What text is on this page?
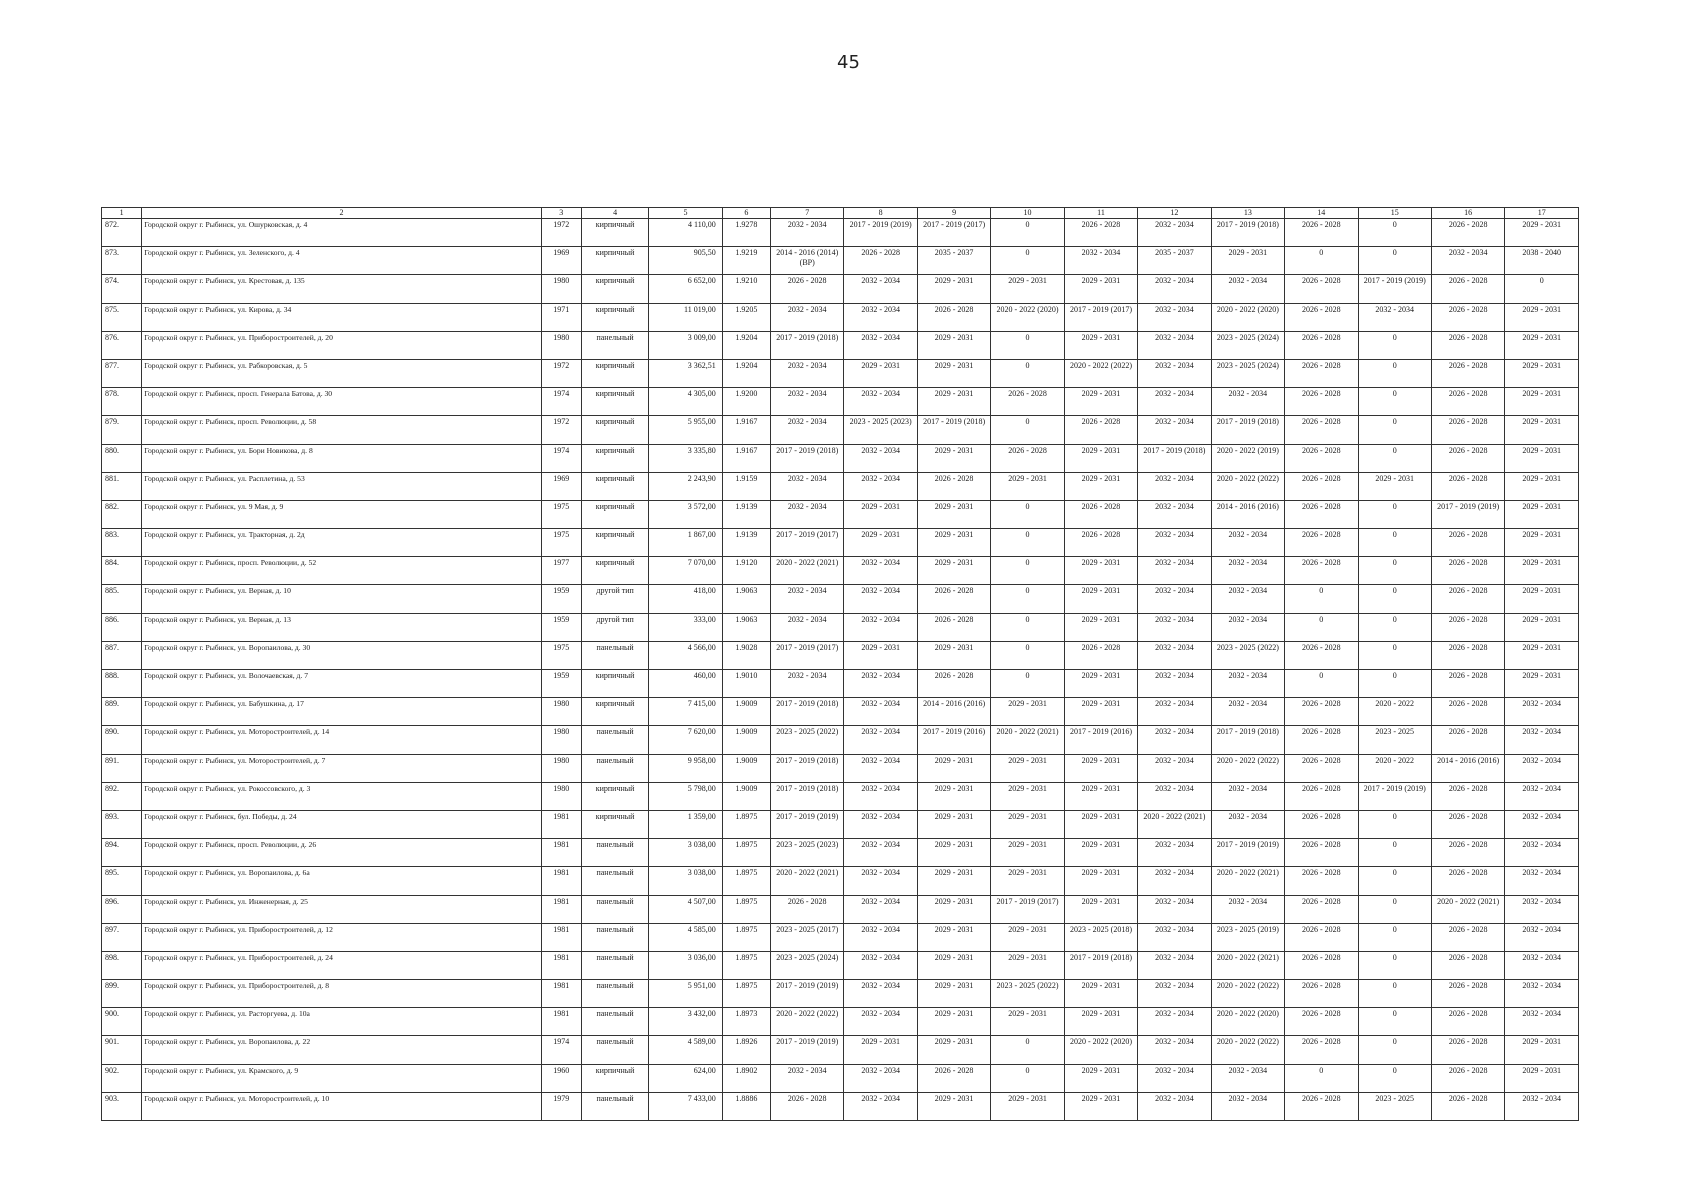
45
1	2	3	4	5	6	7	8	9	10	11	12	13	14	15	16	17
872.	Городской округ г. Рыбинск, ул. Ошурковская, д. 4	1972	кирпичный	4 110,00	1.9278	2032 - 2034	2017 - 2019 (2019)	2017 - 2019 (2017)	0	2026 - 2028	2032 - 2034	2017 - 2019 (2018)	2026 - 2028	0	2026 - 2028	2029 - 2031
873.	Городской округ г. Рыбинск, ул. Зеленского, д. 4	1969	кирпичный	905,50	1.9219	2014 - 2016 (2014) (ВР)	2026 - 2028	2035 - 2037	0	2032 - 2034	2035 - 2037	2029 - 2031	0	0	2032 - 2034	2038 - 2040
874.	Городской округ г. Рыбинск, ул. Крестовая, д. 135	1980	кирпичный	6 652,00	1.9210	2026 - 2028	2032 - 2034	2029 - 2031	2029 - 2031	2029 - 2031	2032 - 2034	2032 - 2034	2026 - 2028	2017 - 2019 (2019)	2026 - 2028	0
875.	Городской округ г. Рыбинск, ул. Кирова, д. 34	1971	кирпичный	11 019,00	1.9205	2032 - 2034	2032 - 2034	2026 - 2028	2020 - 2022 (2020)	2017 - 2019 (2017)	2032 - 2034	2020 - 2022 (2020)	2026 - 2028	2032 - 2034	2026 - 2028	2029 - 2031
876.	Городской округ г. Рыбинск, ул. Приборостроителей, д. 20	1980	панельный	3 009,00	1.9204	2017 - 2019 (2018)	2032 - 2034	2029 - 2031	0	2029 - 2031	2032 - 2034	2023 - 2025 (2024)	2026 - 2028	0	2026 - 2028	2029 - 2031
877.	Городской округ г. Рыбинск, ул. Рабкоровская, д. 5	1972	кирпичный	3 362,51	1.9204	2032 - 2034	2029 - 2031	2029 - 2031	0	2020 - 2022 (2022)	2032 - 2034	2023 - 2025 (2024)	2026 - 2028	0	2026 - 2028	2029 - 2031
878.	Городской округ г. Рыбинск, просп. Генерала Батова, д. 30	1974	кирпичный	4 305,00	1.9200	2032 - 2034	2032 - 2034	2029 - 2031	2026 - 2028	2029 - 2031	2032 - 2034	2032 - 2034	2026 - 2028	0	2026 - 2028	2029 - 2031
879.	Городской округ г. Рыбинск, просп. Революции, д. 58	1972	кирпичный	5 955,00	1.9167	2032 - 2034	2023 - 2025 (2023)	2017 - 2019 (2018)	0	2026 - 2028	2032 - 2034	2017 - 2019 (2018)	2026 - 2028	0	2026 - 2028	2029 - 2031
880.	Городской округ г. Рыбинск, ул. Бори Новикова, д. 8	1974	кирпичный	3 335,80	1.9167	2017 - 2019 (2018)	2032 - 2034	2029 - 2031	2026 - 2028	2029 - 2031	2017 - 2019 (2018)	2020 - 2022 (2019)	2026 - 2028	0	2026 - 2028	2029 - 2031
881.	Городской округ г. Рыбинск, ул. Расплетина, д. 53	1969	кирпичный	2 243,90	1.9159	2032 - 2034	2032 - 2034	2026 - 2028	2029 - 2031	2029 - 2031	2032 - 2034	2020 - 2022 (2022)	2026 - 2028	2029 - 2031	2026 - 2028	2029 - 2031
882.	Городской округ г. Рыбинск, ул. 9 Мая, д. 9	1975	кирпичный	3 572,00	1.9139	2032 - 2034	2029 - 2031	2029 - 2031	0	2026 - 2028	2032 - 2034	2014 - 2016 (2016)	2026 - 2028	0	2017 - 2019 (2019)	2029 - 2031
883.	Городской округ г. Рыбинск, ул. Тракторная, д. 2д	1975	кирпичный	1 867,00	1.9139	2017 - 2019 (2017)	2029 - 2031	2029 - 2031	0	2026 - 2028	2032 - 2034	2032 - 2034	2026 - 2028	0	2026 - 2028	2029 - 2031
884.	Городской округ г. Рыбинск, просп. Революции, д. 52	1977	кирпичный	7 070,00	1.9120	2020 - 2022 (2021)	2032 - 2034	2029 - 2031	0	2029 - 2031	2032 - 2034	2032 - 2034	2026 - 2028	0	2026 - 2028	2029 - 2031
885.	Городской округ г. Рыбинск, ул. Верная, д. 10	1959	другой тип	418,00	1.9063	2032 - 2034	2032 - 2034	2026 - 2028	0	2029 - 2031	2032 - 2034	2032 - 2034	0	0	2026 - 2028	2029 - 2031
886.	Городской округ г. Рыбинск, ул. Верная, д. 13	1959	другой тип	333,00	1.9063	2032 - 2034	2032 - 2034	2026 - 2028	0	2029 - 2031	2032 - 2034	2032 - 2034	0	0	2026 - 2028	2029 - 2031
887.	Городской округ г. Рыбинск, ул. Воропаилова, д. 30	1975	панельный	4 566,00	1.9028	2017 - 2019 (2017)	2029 - 2031	2029 - 2031	0	2026 - 2028	2032 - 2034	2023 - 2025 (2022)	2026 - 2028	0	2026 - 2028	2029 - 2031
888.	Городской округ г. Рыбинск, ул. Волочаевская, д. 7	1959	кирпичный	460,00	1.9010	2032 - 2034	2032 - 2034	2026 - 2028	0	2029 - 2031	2032 - 2034	2032 - 2034	0	0	2026 - 2028	2029 - 2031
889.	Городской округ г. Рыбинск, ул. Бабушкина, д. 17	1980	кирпичный	7 415,00	1.9009	2017 - 2019 (2018)	2032 - 2034	2014 - 2016 (2016)	2029 - 2031	2029 - 2031	2032 - 2034	2032 - 2034	2026 - 2028	2020 - 2022	2026 - 2028	2032 - 2034
890.	Городской округ г. Рыбинск, ул. Моторостроителей, д. 14	1980	панельный	7 620,00	1.9009	2023 - 2025 (2022)	2032 - 2034	2017 - 2019 (2016)	2020 - 2022 (2021)	2017 - 2019 (2016)	2032 - 2034	2017 - 2019 (2018)	2026 - 2028	2023 - 2025	2026 - 2028	2032 - 2034
891.	Городской округ г. Рыбинск, ул. Моторостроителей, д. 7	1980	панельный	9 958,00	1.9009	2017 - 2019 (2018)	2032 - 2034	2029 - 2031	2029 - 2031	2029 - 2031	2032 - 2034	2020 - 2022 (2022)	2026 - 2028	2020 - 2022	2014 - 2016 (2016)	2032 - 2034
892.	Городской округ г. Рыбинск, ул. Рокоссовского, д. 3	1980	кирпичный	5 798,00	1.9009	2017 - 2019 (2018)	2032 - 2034	2029 - 2031	2029 - 2031	2029 - 2031	2032 - 2034	2032 - 2034	2026 - 2028	2017 - 2019 (2019)	2026 - 2028	2032 - 2034
893.	Городской округ г. Рыбинск, бул. Победы, д. 24	1981	кирпичный	1 359,00	1.8975	2017 - 2019 (2019)	2032 - 2034	2029 - 2031	2029 - 2031	2029 - 2031	2020 - 2022 (2021)	2032 - 2034	2026 - 2028	0	2026 - 2028	2032 - 2034
894.	Городской округ г. Рыбинск, просп. Революции, д. 26	1981	панельный	3 038,00	1.8975	2023 - 2025 (2023)	2032 - 2034	2029 - 2031	2029 - 2031	2029 - 2031	2032 - 2034	2017 - 2019 (2019)	2026 - 2028	0	2026 - 2028	2032 - 2034
895.	Городской округ г. Рыбинск, ул. Воропаилова, д. 6а	1981	панельный	3 038,00	1.8975	2020 - 2022 (2021)	2032 - 2034	2029 - 2031	2029 - 2031	2029 - 2031	2032 - 2034	2020 - 2022 (2021)	2026 - 2028	0	2026 - 2028	2032 - 2034
896.	Городской округ г. Рыбинск, ул. Инженерная, д. 25	1981	панельный	4 507,00	1.8975	2026 - 2028	2032 - 2034	2029 - 2031	2017 - 2019 (2017)	2029 - 2031	2032 - 2034	2032 - 2034	2026 - 2028	0	2020 - 2022 (2021)	2032 - 2034
897.	Городской округ г. Рыбинск, ул. Приборостроителей, д. 12	1981	панельный	4 585,00	1.8975	2023 - 2025 (2017)	2032 - 2034	2029 - 2031	2029 - 2031	2023 - 2025 (2018)	2032 - 2034	2023 - 2025 (2019)	2026 - 2028	0	2026 - 2028	2032 - 2034
898.	Городской округ г. Рыбинск, ул. Приборостроителей, д. 24	1981	панельный	3 036,00	1.8975	2023 - 2025 (2024)	2032 - 2034	2029 - 2031	2029 - 2031	2017 - 2019 (2018)	2032 - 2034	2020 - 2022 (2021)	2026 - 2028	0	2026 - 2028	2032 - 2034
899.	Городской округ г. Рыбинск, ул. Приборостроителей, д. 8	1981	панельный	5 951,00	1.8975	2017 - 2019 (2019)	2032 - 2034	2029 - 2031	2023 - 2025 (2022)	2029 - 2031	2032 - 2034	2020 - 2022 (2022)	2026 - 2028	0	2026 - 2028	2032 - 2034
900.	Городской округ г. Рыбинск, ул. Расторгуева, д. 10а	1981	панельный	3 432,00	1.8973	2020 - 2022 (2022)	2032 - 2034	2029 - 2031	2029 - 2031	2029 - 2031	2032 - 2034	2020 - 2022 (2020)	2026 - 2028	0	2026 - 2028	2032 - 2034
901.	Городской округ г. Рыбинск, ул. Воропаилова, д. 22	1974	панельный	4 589,00	1.8926	2017 - 2019 (2019)	2029 - 2031	2029 - 2031	0	2020 - 2022 (2020)	2032 - 2034	2020 - 2022 (2022)	2026 - 2028	0	2026 - 2028	2029 - 2031
902.	Городской округ г. Рыбинск, ул. Крамского, д. 9	1960	кирпичный	624,00	1.8902	2032 - 2034	2032 - 2034	2026 - 2028	0	2029 - 2031	2032 - 2034	2032 - 2034	0	0	2026 - 2028	2029 - 2031
903.	Городской округ г. Рыбинск, ул. Моторостроителей, д. 10	1979	панельный	7 433,00	1.8886	2026 - 2028	2032 - 2034	2029 - 2031	2029 - 2031	2029 - 2031	2032 - 2034	2032 - 2034	2026 - 2028	2023 - 2025	2026 - 2028	2032 - 2034
